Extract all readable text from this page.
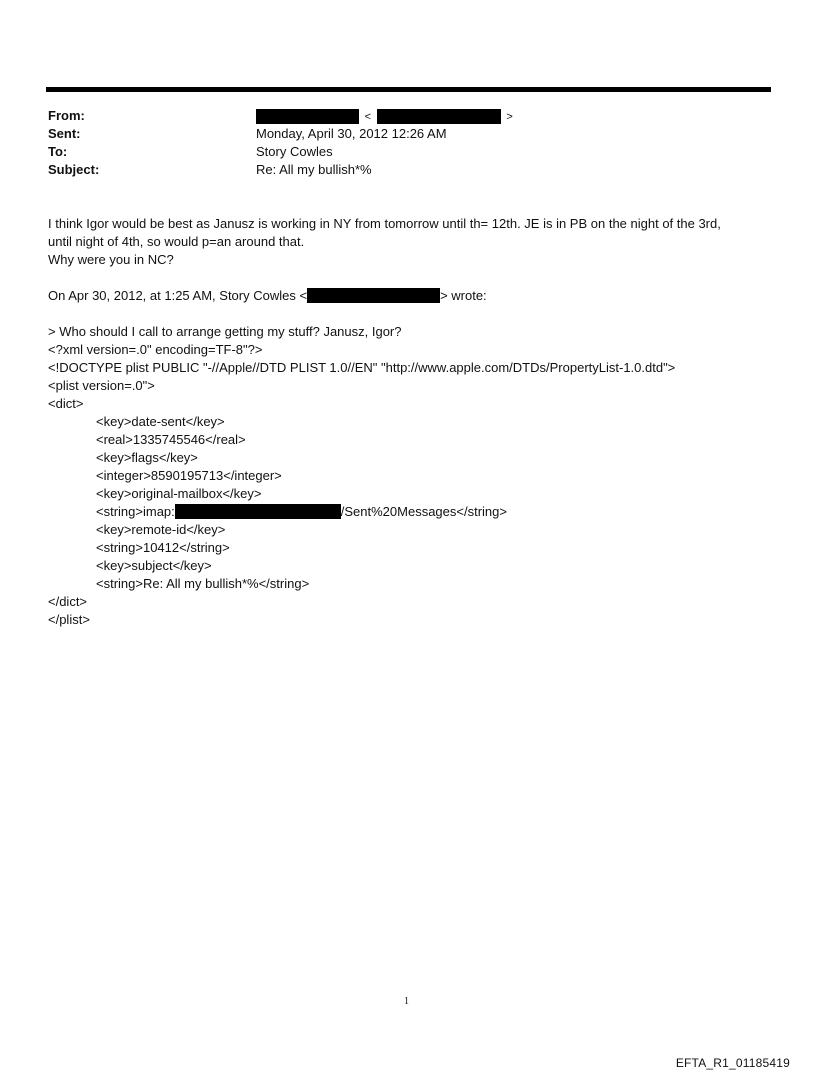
From:	<	>
Sent:	Monday, April 30, 2012 12:26 AM
To:	Story Cowles
Subject:	Re: All my bullish*%
I think Igor would be best as Janusz is working in NY from tomorrow until th= 12th. JE is in PB on the night of the 3rd,
until night of 4th, so would p=an around that.
Why were you in NC?
On Apr 30, 2012, at 1:25 AM, Story Cowles <	> wrote:
> Who should I call to arrange getting my stuff? Janusz, Igor?
<?xml version=.0" encoding=TF-8"?>
<!DOCTYPE plist PUBLIC "-//Apple//DTD PLIST 1.0//EN" "http://www.apple.com/DTDs/PropertyList-1.0.dtd">
<plist version=.0">
<dict>
<key>date-sent</key>
<real>1335745546</real>
<key>flags</key>
<integer>8590195713</integer>
<key>original-mailbox</key>
<string>imap:	/Sent%20Messages</string>
<key>remote-id</key>
<string>10412</string>
<key>subject</key>
<string>Re: All my bullish*%</string>
</dict>
</plist>
1
EFTA_R1_01185419
